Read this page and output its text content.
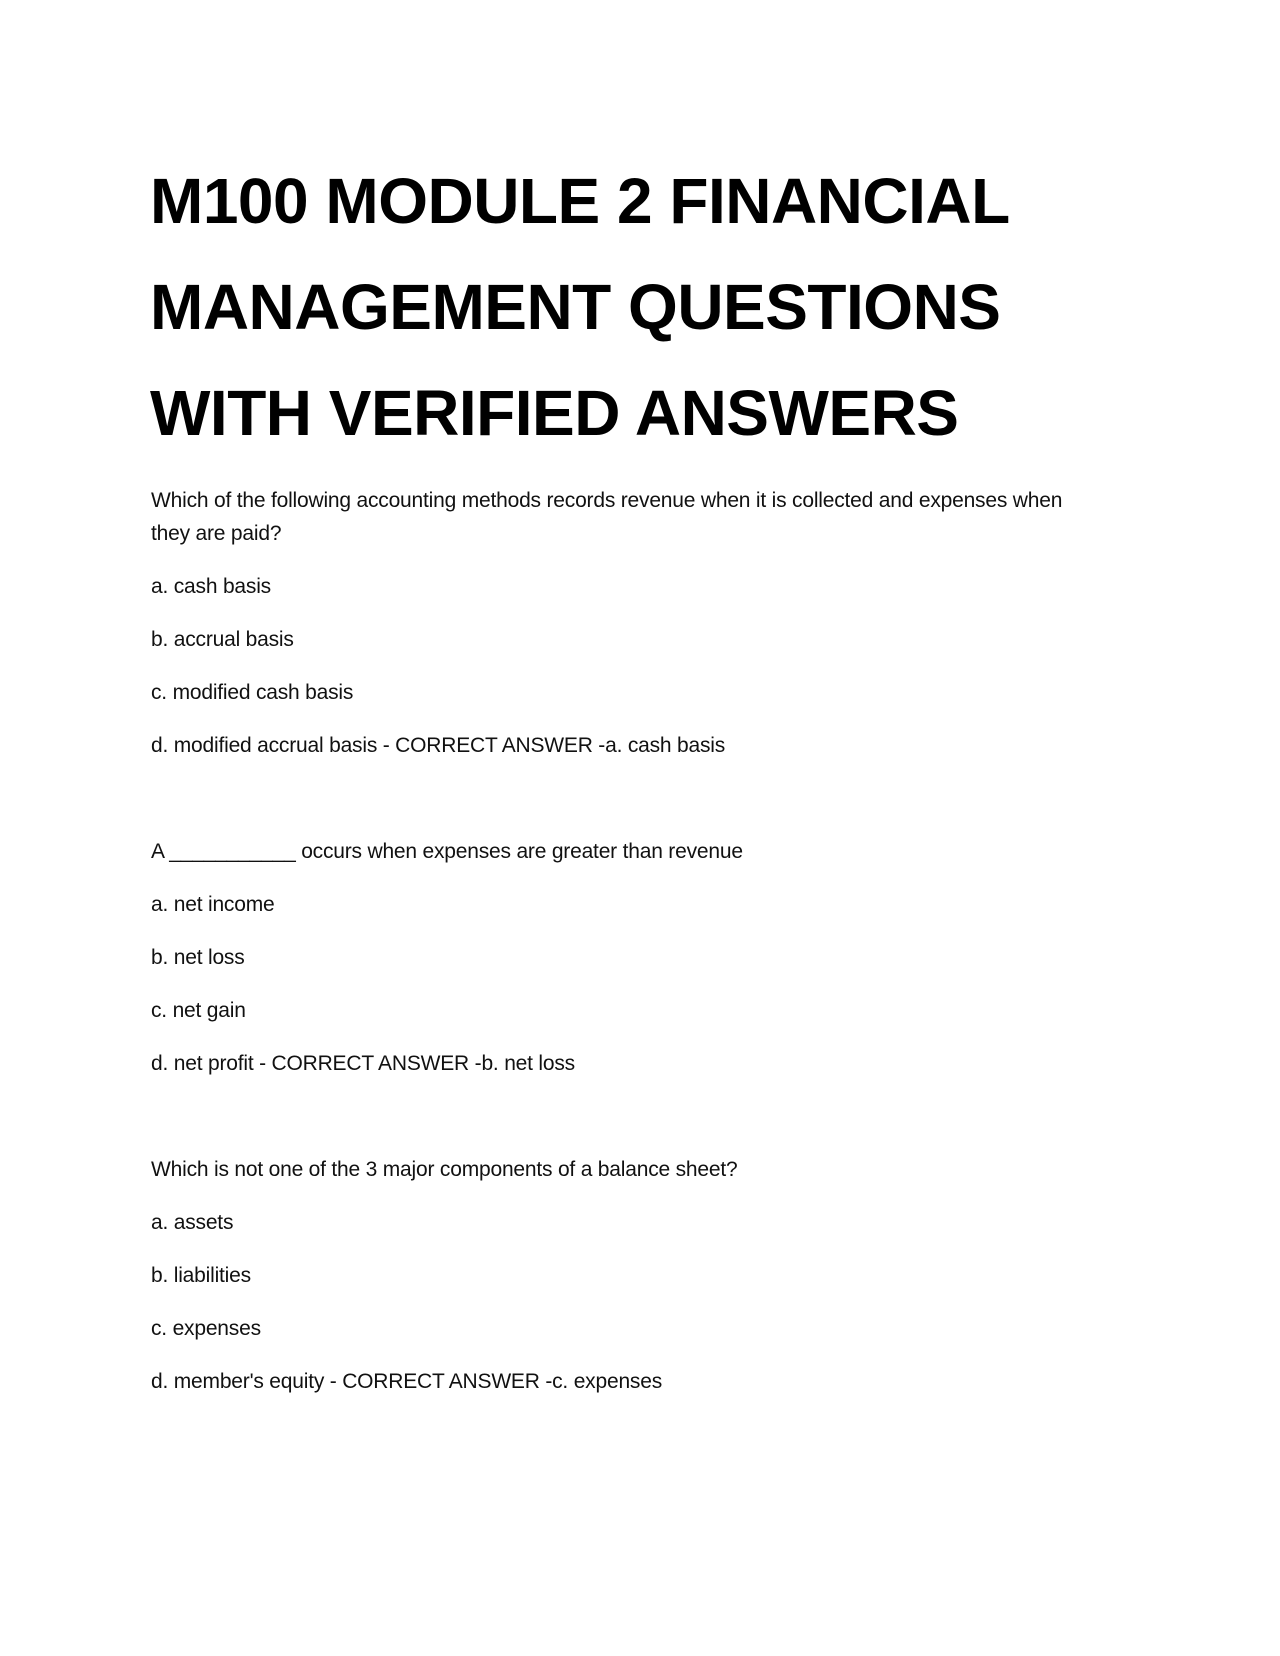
M100 MODULE 2 FINANCIAL
MANAGEMENT QUESTIONS
WITH VERIFIED ANSWERS
Which of the following accounting methods records revenue when it is collected and expenses when
they are paid?
a. cash basis
b. accrual basis
c. modified cash basis
d. modified accrual basis - CORRECT ANSWER -a. cash basis
A ___________ occurs when expenses are greater than revenue
a. net income
b. net loss
c. net gain
d. net profit - CORRECT ANSWER -b. net loss
Which is not one of the 3 major components of a balance sheet?
a. assets
b. liabilities
c. expenses
d. member's equity - CORRECT ANSWER -c. expenses
